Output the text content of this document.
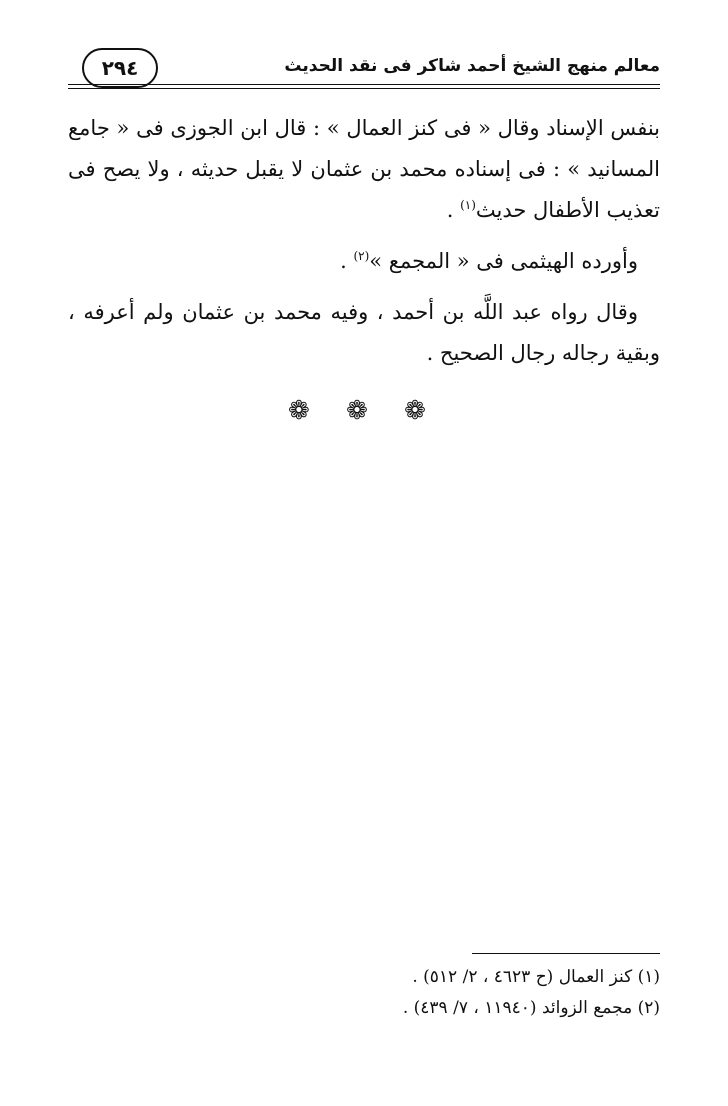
٢٩٤	معالم منهج الشيخ أحمد شاكر فى نقد الحديث

بنفس الإسناد وقال « فى كنز العمال » : قال ابن الجوزى فى « جامع المسانيد » : فى إسناده محمد بن عثمان لا يقبل حديثه ، ولا يصح فى تعذيب الأطفال حديث$^{(١)}$ .

وأورده الهيثمى فى « المجمع »$^{(٢)}$ .

وقال رواه عبد اللَّه بن أحمد ، وفيه محمد بن عثمان ولم أعرفه ، وبقية رجاله رجال الصحيح .

❁ ❁ ❁
(١) كنز العمال (ح ٤٦٢٣ ، ٢/ ٥١٢) .
(٢) مجمع الزوائد (١١٩٤٠ ، ٧/ ٤٣٩) .
